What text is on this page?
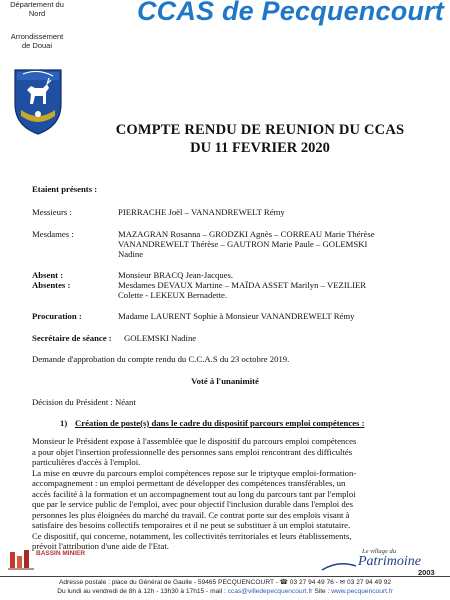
Département du Nord
Arrondissement de Douai
CCAS de Pecquencourt
COMPTE RENDU DE REUNION DU CCAS
DU 11 FEVRIER 2020
Etaient présents :
Messieurs :	PIERRACHE Joël – VANANDREWELT Rémy
Mesdames :	MAZAGRAN Rosanna – GRODZKI Agnès – CORREAU Marie Thérèse
VANANDREWELT Thérèse – GAUTRON Marie Paule – GOLEMSKI
Nadine
Absent :	Monsieur BRACQ Jean-Jacques.
Absentes :	Mesdames DEVAUX Martine – MAÏDA ASSET Marilyn – VEZILIER
Colette - LEKEUX Bernadette.
Procuration :	Madame LAURENT Sophie à Monsieur VANANDREWELT Rémy
Secrétaire de séance : GOLEMSKI Nadine
Demande d'approbation du compte rendu du C.C.A.S du 23 octobre 2019.
Voté à l'unanimité
Décision du Président : Néant
1) Création de poste(s) dans le cadre du dispositif parcours emploi compétences :
Monsieur le Président expose à l'assemblée que le dispositif du parcours emploi compétences
a pour objet l'insertion professionnelle des personnes sans emploi rencontrant des difficultés
particulières d'accès à l'emploi.
La mise en œuvre du parcours emploi compétences repose sur le triptyque emploi-formation-
accompagnement : un emploi permettant de développer des compétences transférables, un
accès facilité à la formation et un accompagnement tout au long du parcours tant par l'emploi
que par le service public de l'emploi, avec pour objectif l'inclusion durable dans l'emploi des
personnes les plus éloignées du marché du travail. Ce contrat porte sur des emplois visant à
satisfaire des besoins collectifs temporaires et il ne peut se substituer à un emploi statutaire.
Ce dispositif, qui concerne, notamment, les collectivités territoriales et leurs établissements,
prévoit l'attribution d'une aide de l'Etat.
BASSIN MINIER	Le village du
Patrimoine
2003
Adresse postale : place du Général de Gaulle - 59465 PECQUENCOURT - ☎ 03 27 94 49 76 - ✉ 03 27 94 49 92
Du lundi au vendredi de 8h à 12h - 13h30 à 17h15 - mail : ccas@villedepecquencourt.fr Site : www.pecquencourt.fr
